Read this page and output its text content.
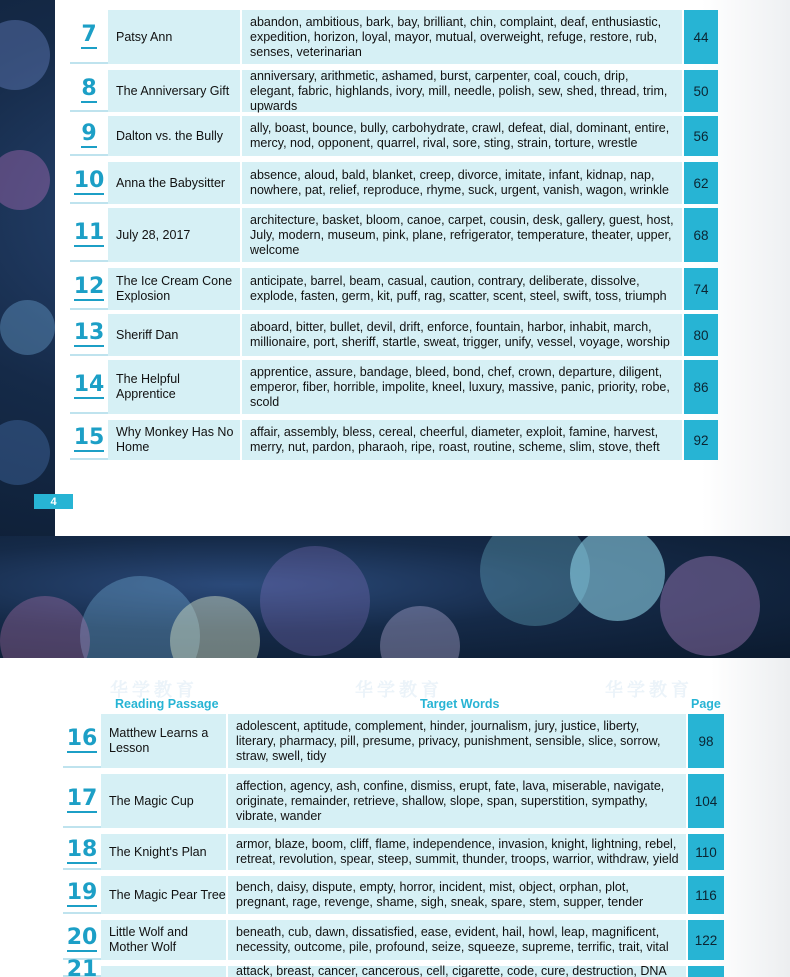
7	Patsy Ann
abandon, ambitious, bark, bay, brilliant, chin, complaint, deaf, enthusiastic, expedition, horizon, loyal, mayor, mutual, overweight, refuge, restore, rub, senses, veterinarian
44
8	The Anniversary Gift
anniversary, arithmetic, ashamed, burst, carpenter, coal, couch, drip, elegant, fabric, highlands, ivory, mill, needle, polish, sew, shed, thread, trim, upwards
50
9	Dalton vs. the Bully
ally, boast, bounce, bully, carbohydrate, crawl, defeat, dial, dominant, entire, mercy, nod, opponent, quarrel, rival, sore, sting, strain, torture, wrestle	56
10 Anna the Babysitter
absence, aloud, bald, blanket, creep, divorce, imitate, infant, kidnap, nap, nowhere, pat, relief, reproduce, rhyme, suck, urgent, vanish, wagon, wrinkle	62
11 July 28, 2017
architecture, basket, bloom, canoe, carpet, cousin, desk, gallery, guest, host, July, modern, museum, pink, plane, refrigerator, temperature, theater, upper, welcome
68
12 The Ice Cream Cone Explosion
anticipate, barrel, beam, casual, caution, contrary, deliberate, dissolve, explode, fasten, germ, kit, puff, rag, scatter, scent, steel, swift, toss, triumph	74
13 Sheriff Dan
aboard, bitter, bullet, devil, drift, enforce, fountain, harbor, inhabit, march, millionaire, port, sheriff, startle, sweat, trigger, unify, vessel, voyage, worship	80
14 The Helpful Apprentice
apprentice, assure, bandage, bleed, bond, chef, crown, departure, diligent, emperor, fiber, horrible, impolite, kneel, luxury, massive, panic, priority, robe, scold
86
15 Why Monkey Has No Home
affair, assembly, bless, cereal, cheerful, diameter, exploit, famine, harvest, merry, nut, pardon, pharaoh, ripe, roast, routine, scheme, slim, stove, theft	92
4
华学教育	华学教育	华学教育
Reading Passage	Target Words	Page
16 Matthew Learns a Lesson
adolescent, aptitude, complement, hinder, journalism, jury, justice, liberty, literary, pharmacy, pill, presume, privacy, punishment, sensible, slice, sorrow, straw, swell, tidy
98
17 The Magic Cup
affection, agency, ash, confine, dismiss, erupt, fate, lava, miserable, navigate, originate, remainder, retrieve, shallow, slope, span, superstition, sympathy, vibrate, wander
104
18 The Knight's Plan
armor, blaze, boom, cliff, flame, independence, invasion, knight, lightning, rebel, retreat, revolution, spear, steep, summit, thunder, troops, warrior, withdraw, yield	110
19 The Magic Pear Tree
bench, daisy, dispute, empty, horror, incident, mist, object, orphan, plot, pregnant, rage, revenge, shame, sigh, sneak, spare, stem, supper, tender	116
20 Little Wolf and Mother Wolf
beneath, cub, dawn, dissatisfied, ease, evident, hail, howl, leap, magnificent, necessity, outcome, pile, profound, seize, squeeze, supreme, terrific, trait, vital	122
21	attack, breast, cancer, cancerous, cell, cigarette, code, cure, destruction, DNA
